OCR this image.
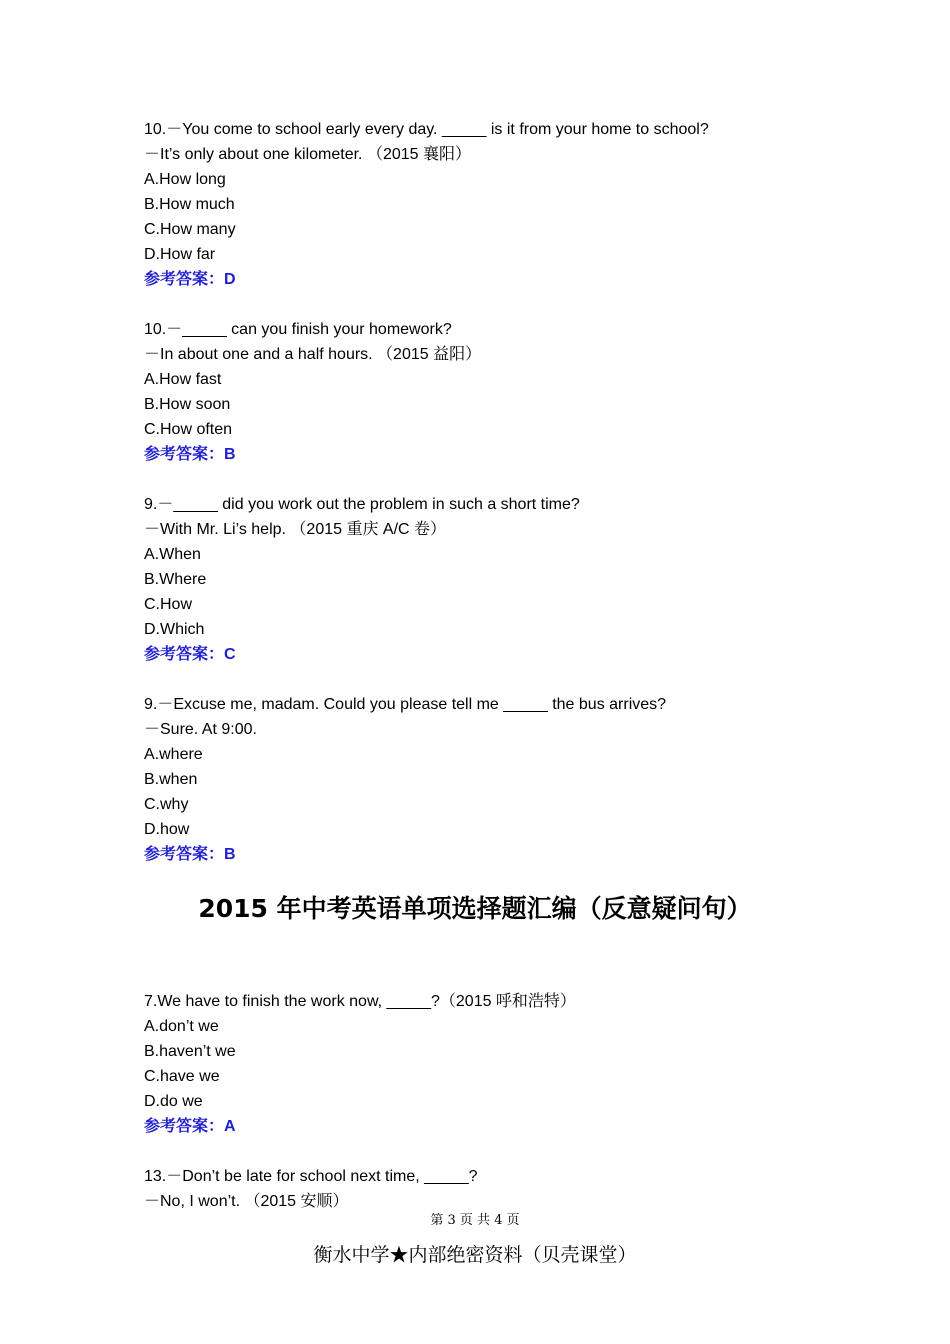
10.－You come to school early every day. _____ is it from your home to school?
－It’s only about one kilometer. （2015 襄阳）
A.How long
B.How much
C.How many
D.How far
参考答案：D
10.－_____ can you finish your homework?
－In about one and a half hours. （2015 益阳）
A.How fast
B.How soon
C.How often
参考答案：B
9.－_____ did you work out the problem in such a short time?
－With Mr. Li’s help. （2015 重庆 A/C 卷）
A.When
B.Where
C.How
D.Which
参考答案：C
9.－Excuse me, madam. Could you please tell me _____ the bus arrives?
－Sure. At 9:00.
A.where
B.when
C.why
D.how
参考答案：B
2015 年中考英语单项选择题汇编（反意疑问句）
7.We have to finish the work now, _____?（2015 呼和浩特）
A.don’t we
B.haven’t we
C.have we
D.do we
参考答案：A
13.－Don’t be late for school next time, _____?
－No, I won’t. （2015 安顺）
第 3 页 共 4 页
衡水中学★内部绝密资料（贝壳课堂）
